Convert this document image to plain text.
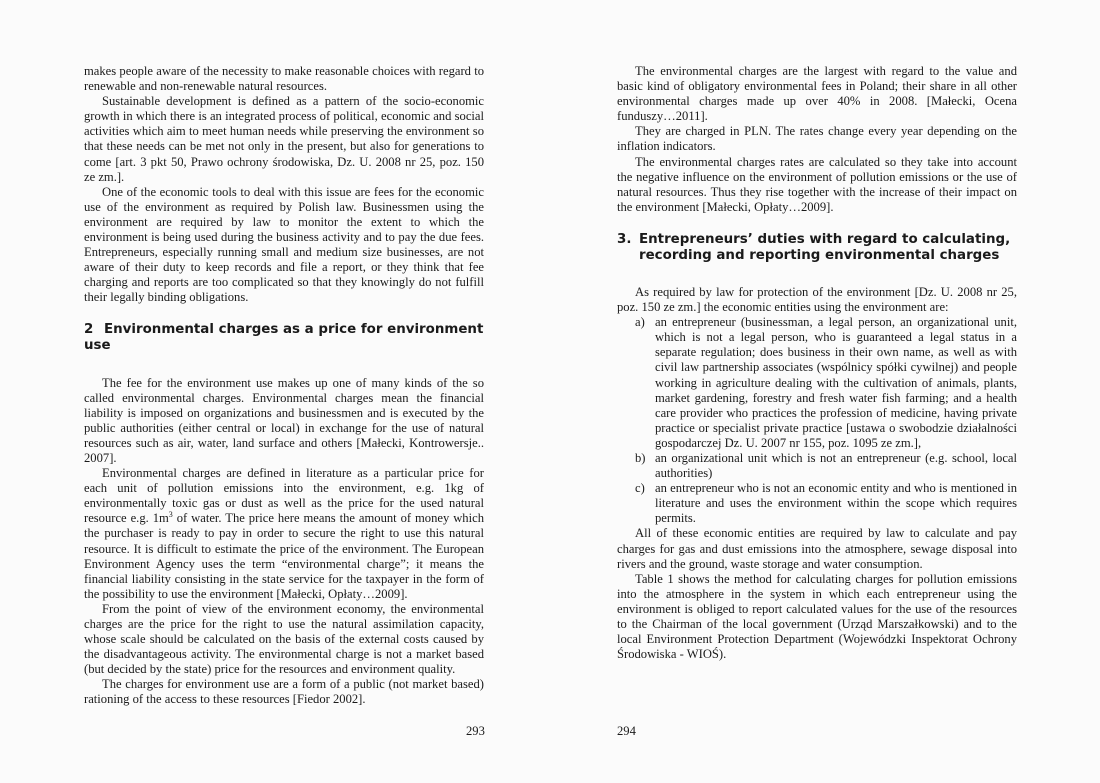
makes people aware of the necessity to make reasonable choices with regard to renewable and non-renewable natural resources.

Sustainable development is defined as a pattern of the socio-economic growth in which there is an integrated process of political, economic and social activities which aim to meet human needs while preserving the environment so that these needs can be met not only in the present, but also for generations to come [art. 3 pkt 50, Prawo ochrony środowiska, Dz. U. 2008 nr 25, poz. 150 ze zm.].

One of the economic tools to deal with this issue are fees for the economic use of the environment as required by Polish law. Businessmen using the environment are required by law to monitor the extent to which the environment is being used during the business activity and to pay the due fees. Entrepreneurs, especially running small and medium size businesses, are not aware of their duty to keep records and file a report, or they think that fee charging and reports are too complicated so that they knowingly do not fulfill their legally binding obligations.

2 Environmental charges as a price for environment use

The fee for the environment use makes up one of many kinds of the so called environmental charges. Environmental charges mean the financial liability is imposed on organizations and businessmen and is executed by the public authorities (either central or local) in exchange for the use of natural resources such as air, water, land surface and others [Małecki, Kontrowersje.. 2007].

Environmental charges are defined in literature as a particular price for each unit of pollution emissions into the environment, e.g. 1kg of environmentally toxic gas or dust as well as the price for the used natural resource e.g. $1m^3$ of water. The price here means the amount of money which the purchaser is ready to pay in order to secure the right to use this natural resource. It is difficult to estimate the price of the environment. The European Environment Agency uses the term “environmental charge”; it means the financial liability consisting in the state service for the taxpayer in the form of the possibility to use the environment [Małecki, Opłaty…2009].

From the point of view of the environment economy, the environmental charges are the price for the right to use the natural assimilation capacity, whose scale should be calculated on the basis of the external costs caused by the disadvantageous activity. The environmental charge is not a market based (but decided by the state) price for the resources and environment quality.

The charges for environment use are a form of a public (not market based) rationing of the access to these resources [Fiedor 2002].

The environmental charges are the largest with regard to the value and basic kind of obligatory environmental fees in Poland; their share in all other environmental charges made up over 40% in 2008. [Małecki, Ocena funduszy…2011].

They are charged in PLN. The rates change every year depending on the inflation indicators.

The environmental charges rates are calculated so they take into account the negative influence on the environment of pollution emissions or the use of natural resources. Thus they rise together with the increase of their impact on the environment [Małecki, Opłaty…2009].

3. Entrepreneurs’ duties with regard to calculating, recording and reporting environmental charges

As required by law for protection of the environment [Dz. U. 2008 nr 25, poz. 150 ze zm.] the economic entities using the environment are:

a) an entrepreneur (businessman, a legal person, an organizational unit, which is not a legal person, who is guaranteed a legal status in a separate regulation; does business in their own name, as well as with civil law partnership associates (wspólnicy spółki cywilnej) and people working in agriculture dealing with the cultivation of animals, plants, market gardening, forestry and fresh water fish farming; and a health care provider who practices the profession of medicine, having private practice or specialist private practice [ustawa o swobodzie działalności gospodarczej Dz. U. 2007 nr 155, poz. 1095 ze zm.],
b) an organizational unit which is not an entrepreneur (e.g. school, local authorities)
c) an entrepreneur who is not an economic entity and who is mentioned in literature and uses the environment within the scope which requires permits.

All of these economic entities are required by law to calculate and pay charges for gas and dust emissions into the atmosphere, sewage disposal into rivers and the ground, waste storage and water consumption.

Table 1 shows the method for calculating charges for pollution emissions into the atmosphere in the system in which each entrepreneur using the environment is obliged to report calculated values for the use of the resources to the Chairman of the local government (Urząd Marszałkowski) and to the local Environment Protection Department (Wojewódzki Inspektorat Ochrony Środowiska - WIOŚ).

293	294
